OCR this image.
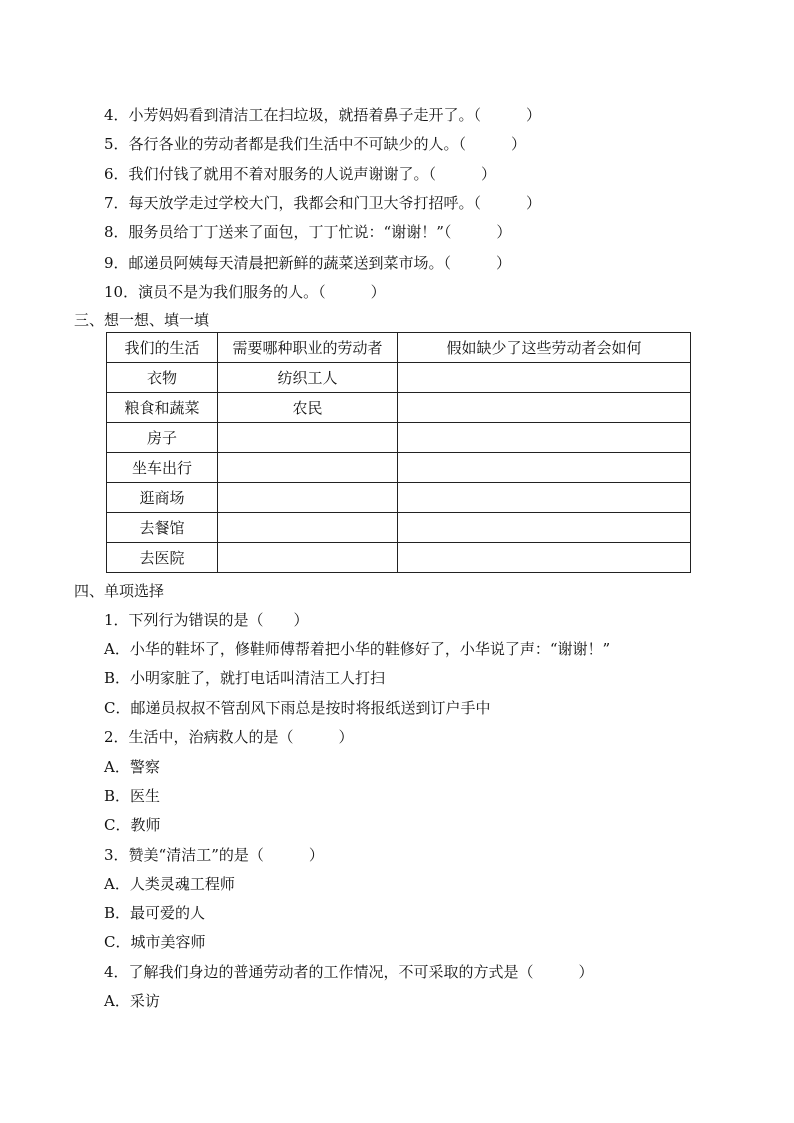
4．小芳妈妈看到清洁工在扫垃圾，就捂着鼻子走开了。（　　　）
5．各行各业的劳动者都是我们生活中不可缺少的人。（　　　）
6．我们付钱了就用不着对服务的人说声谢谢了。（　　　）
7．每天放学走过学校大门，我都会和门卫大爷打招呼。（　　　）
8．服务员给丁丁送来了面包，丁丁忙说：“谢谢！”（　　　）
9．邮递员阿姨每天清晨把新鲜的蔬菜送到菜市场。（　　　）
10．演员不是为我们服务的人。（　　　）
三、想一想、填一填
我们的生活	需要哪种职业的劳动者	假如缺少了这些劳动者会如何
衣物	纺织工人	
粮食和蔬菜	农民	
房子		
坐车出行		
逛商场		
去餐馆		
去医院		
四、单项选择
1．下列行为错误的是（　　）
A．小华的鞋坏了，修鞋师傅帮着把小华的鞋修好了，小华说了声：“谢谢！”
B．小明家脏了，就打电话叫清洁工人打扫
C．邮递员叔叔不管刮风下雨总是按时将报纸送到订户手中
2．生活中，治病救人的是（　　　）
A．警察
B．医生
C．教师
3．赞美“清洁工”的是（　　　）
A．人类灵魂工程师
B．最可爱的人
C．城市美容师
4．了解我们身边的普通劳动者的工作情况，不可采取的方式是（　　　）
A．采访
